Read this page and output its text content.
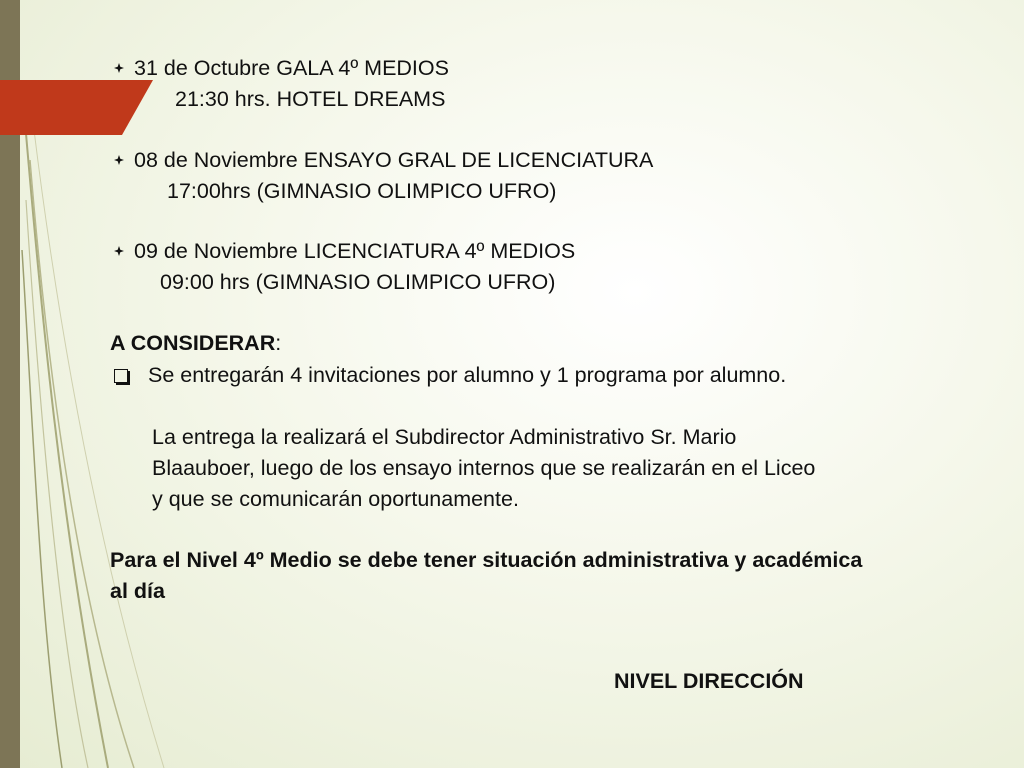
31 de Octubre GALA 4º MEDIOS
21:30 hrs. HOTEL DREAMS
08 de Noviembre ENSAYO GRAL DE LICENCIATURA
17:00hrs (GIMNASIO OLIMPICO UFRO)
09 de Noviembre LICENCIATURA 4º MEDIOS
09:00 hrs (GIMNASIO OLIMPICO UFRO)
A CONSIDERAR:
Se entregarán 4 invitaciones por alumno y 1 programa por alumno.
La entrega la realizará el Subdirector Administrativo Sr. Mario
Blaauboer, luego de los ensayo internos que se realizarán en el Liceo
y que se comunicarán oportunamente.
Para el Nivel 4º Medio se debe tener situación administrativa y académica
al día
NIVEL DIRECCIÓN
